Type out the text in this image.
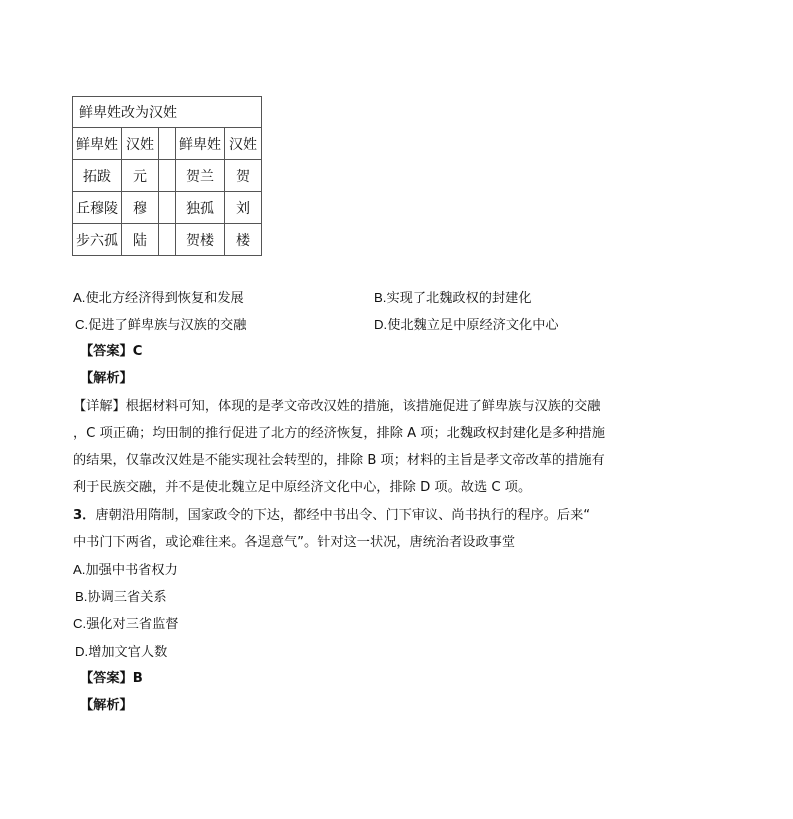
鲜卑姓改为汉姓				
鲜卑姓	汉姓		鲜卑姓	汉姓
拓跋	元		贺兰	贺
丘穆陵	穆		独孤	刘
步六孤	陆		贺楼	楼
A.使北方经济得到恢复和发展	B.实现了北魏政权的封建化
C.促进了鲜卑族与汉族的交融	D.使北魏立足中原经济文化中心
【答案】C
【解析】
【详解】根据材料可知，体现的是孝文帝改汉姓的措施，该措施促进了鲜卑族与汉族的交融
，C 项正确；均田制的推行促进了北方的经济恢复，排除 A 项；北魏政权封建化是多种措施
的结果，仅靠改汉姓是不能实现社会转型的，排除 B 项；材料的主旨是孝文帝改革的措施有
利于民族交融，并不是使北魏立足中原经济文化中心，排除 D 项。故选 C 项。
3．唐朝沿用隋制，国家政令的下达，都经中书出令、门下审议、尚书执行的程序。后来“
中书门下两省，或论难往来。各逞意气”。针对这一状况，唐统治者设政事堂
A.加强中书省权力
B.协调三省关系
C.强化对三省监督
D.增加文官人数
【答案】B
【解析】
